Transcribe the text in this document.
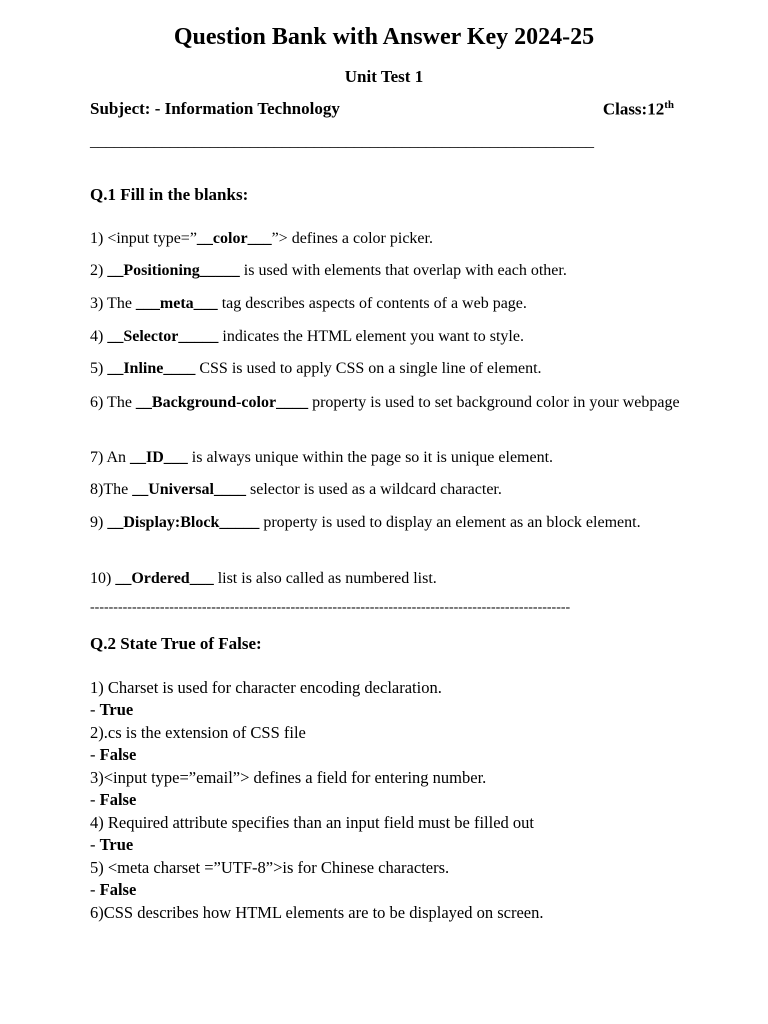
Question Bank with Answer Key 2024-25
Unit Test 1
Subject: - Information Technology	Class:12th
_______________________________________________________________
Q.1 Fill in the blanks:
1) <input type=”__color___”> defines a color picker.
2) __Positioning_____ is used with elements that overlap with each other.
3) The ___meta___ tag describes aspects of contents of a web page.
4) __Selector_____ indicates the HTML element you want to style.
5) __Inline____ CSS is used to apply CSS on a single line of element.
6) The __Background-color____ property is used to set background color in your webpage
7) An __ID___ is always unique within the page so it is unique element.
8)The __Universal____ selector is used as a wildcard character.
9) __Display:Block_____ property is used to display an element as an block element.
10) __Ordered___ list is also called as numbered list.
-------------------------------------------------------------------------------------------------------
Q.2 State True of False:
1) Charset is used for character encoding declaration.
- True
2).cs is the extension of CSS file
- False
3)<input type=”email”> defines a field for entering number.
- False
4) Required attribute specifies than an input field must be filled out
- True
5) <meta charset =”UTF-8”>is for Chinese characters.
- False
6)CSS describes how HTML elements are to be displayed on screen.
